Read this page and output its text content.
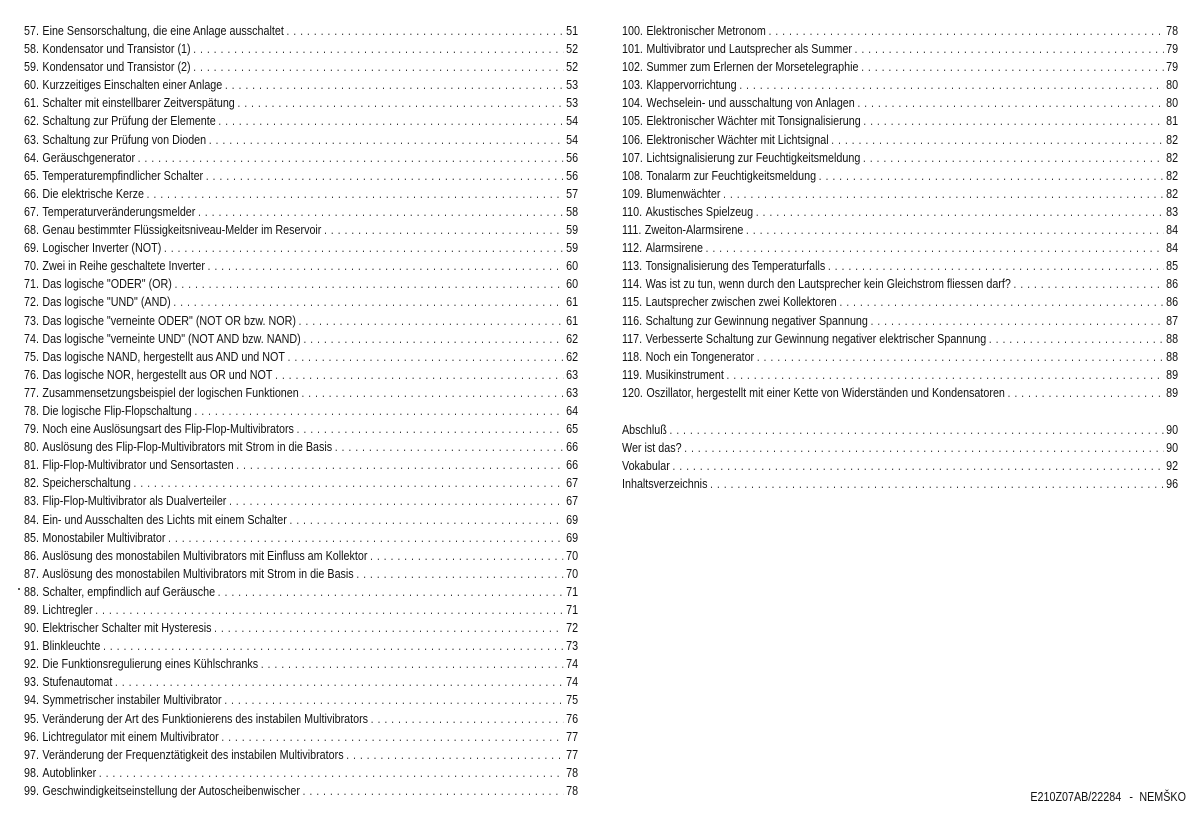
57. Eine Sensorschaltung, die eine Anlage ausschaltet . . .	51
58. Kondensator und Transistor (1) . . .	52
59. Kondensator und Transistor (2) . . .	52
60. Kurzzeitiges Einschalten einer Anlage . . .	53
61. Schalter mit einstellbarer Zeitverspätung . . .	53
62. Schaltung zur Prüfung der Elemente . . .	54
63. Schaltung zur Prüfung von Dioden . . .	54
64. Geräuschgenerator . . .	56
65. Temperaturempfindlicher Schalter . . .	56
66. Die elektrische Kerze . . .	57
67. Temperaturveränderungsmelder . . .	58
68. Genau bestimmter Flüssigkeitsniveau-Melder im Reservoir . . .	59
69. Logischer Inverter (NOT) . . .	59
70. Zwei in Reihe geschaltete Inverter . . .	60
71. Das logische "ODER" (OR) . . .	60
72. Das logische "UND" (AND) . . .	61
73. Das logische "verneinte ODER" (NOT OR bzw. NOR) . . .	61
74. Das logische "verneinte UND" (NOT AND bzw. NAND) . . .	62
75. Das logische NAND, hergestellt aus AND und NOT . . .	62
76. Das logische NOR, hergestellt aus OR und NOT . . .	63
77. Zusammensetzungsbeispiel der logischen Funktionen . . .	63
78. Die logische Flip-Flopschaltung . . .	64
79. Noch eine Auslösungsart des Flip-Flop-Multivibrators . . .	65
80. Auslösung des Flip-Flop-Multivibrators mit Strom in die Basis . . .	66
81. Flip-Flop-Multivibrator und Sensortasten . . .	66
82. Speicherschaltung . . .	67
83. Flip-Flop-Multivibrator als Dualverteiler . . .	67
84. Ein- und Ausschalten des Lichts mit einem Schalter . . .	69
85. Monostabiler Multivibrator . . .	69
86. Auslösung des monostabilen Multivibrators mit Einfluss am Kollektor . . .	70
87. Auslösung des monostabilen Multivibrators mit Strom in die Basis . . .	70
88. Schalter, empfindlich auf Geräusche . . .	71
89. Lichtregler . . .	71
90. Elektrischer Schalter mit Hysteresis . . .	72
91. Blinkleuchte . . .	73
92. Die Funktionsregulierung eines Kühlschranks . . .	74
93. Stufenautomat . . .	74
94. Symmetrischer instabiler Multivibrator . . .	75
95. Veränderung der Art des Funktionierens des instabilen Multivibrators . . .	76
96. Lichtregulator mit einem Multivibrator . . .	77
97. Veränderung der Frequenztätigkeit des instabilen Multivibrators . . .	77
98. Autoblinker . . .	78
99. Geschwindigkeitseinstellung der Autoscheibenwischer . . .	78
100. Elektronischer Metronom . . .	78
101. Multivibrator und Lautsprecher als Summer . . .	79
102. Summer zum Erlernen der Morsetelegraphie . . .	79
103. Klappervorrichtung . . .	80
104. Wechselein- und ausschaltung von Anlagen . . .	80
105. Elektronischer Wächter mit Tonsignalisierung . . .	81
106. Elektronischer Wächter mit Lichtsignal . . .	82
107. Lichtsignalisierung zur Feuchtigkeitsmeldung . . .	82
108. Tonalarm zur Feuchtigkeitsmeldung . . .	82
109. Blumenwächter . . .	82
110. Akustisches Spielzeug . . .	83
111. Zweiton-Alarmsirene . . .	84
112. Alarmsirene . . .	84
113. Tonsignalisierung des Temperaturfalls . . .	85
114. Was ist zu tun, wenn durch den Lautsprecher kein Gleichstrom fliessen darf? . . .	86
115. Lautsprecher zwischen zwei Kollektoren . . .	86
116. Schaltung zur Gewinnung negativer Spannung . . .	87
117. Verbesserte Schaltung zur Gewinnung negativer elektrischer Spannung . . .	88
118. Noch ein Tongenerator . . .	88
119. Musikinstrument . . .	89
120. Oszillator, hergestellt mit einer Kette von Widerständen und Kondensatoren . . .	89
Abschluß . . .	90
Wer ist das? . . .	90
Vokabular . . .	92
Inhaltsverzeichnis . . .	96
E210Z07AB/22284 - NEMŠKO
